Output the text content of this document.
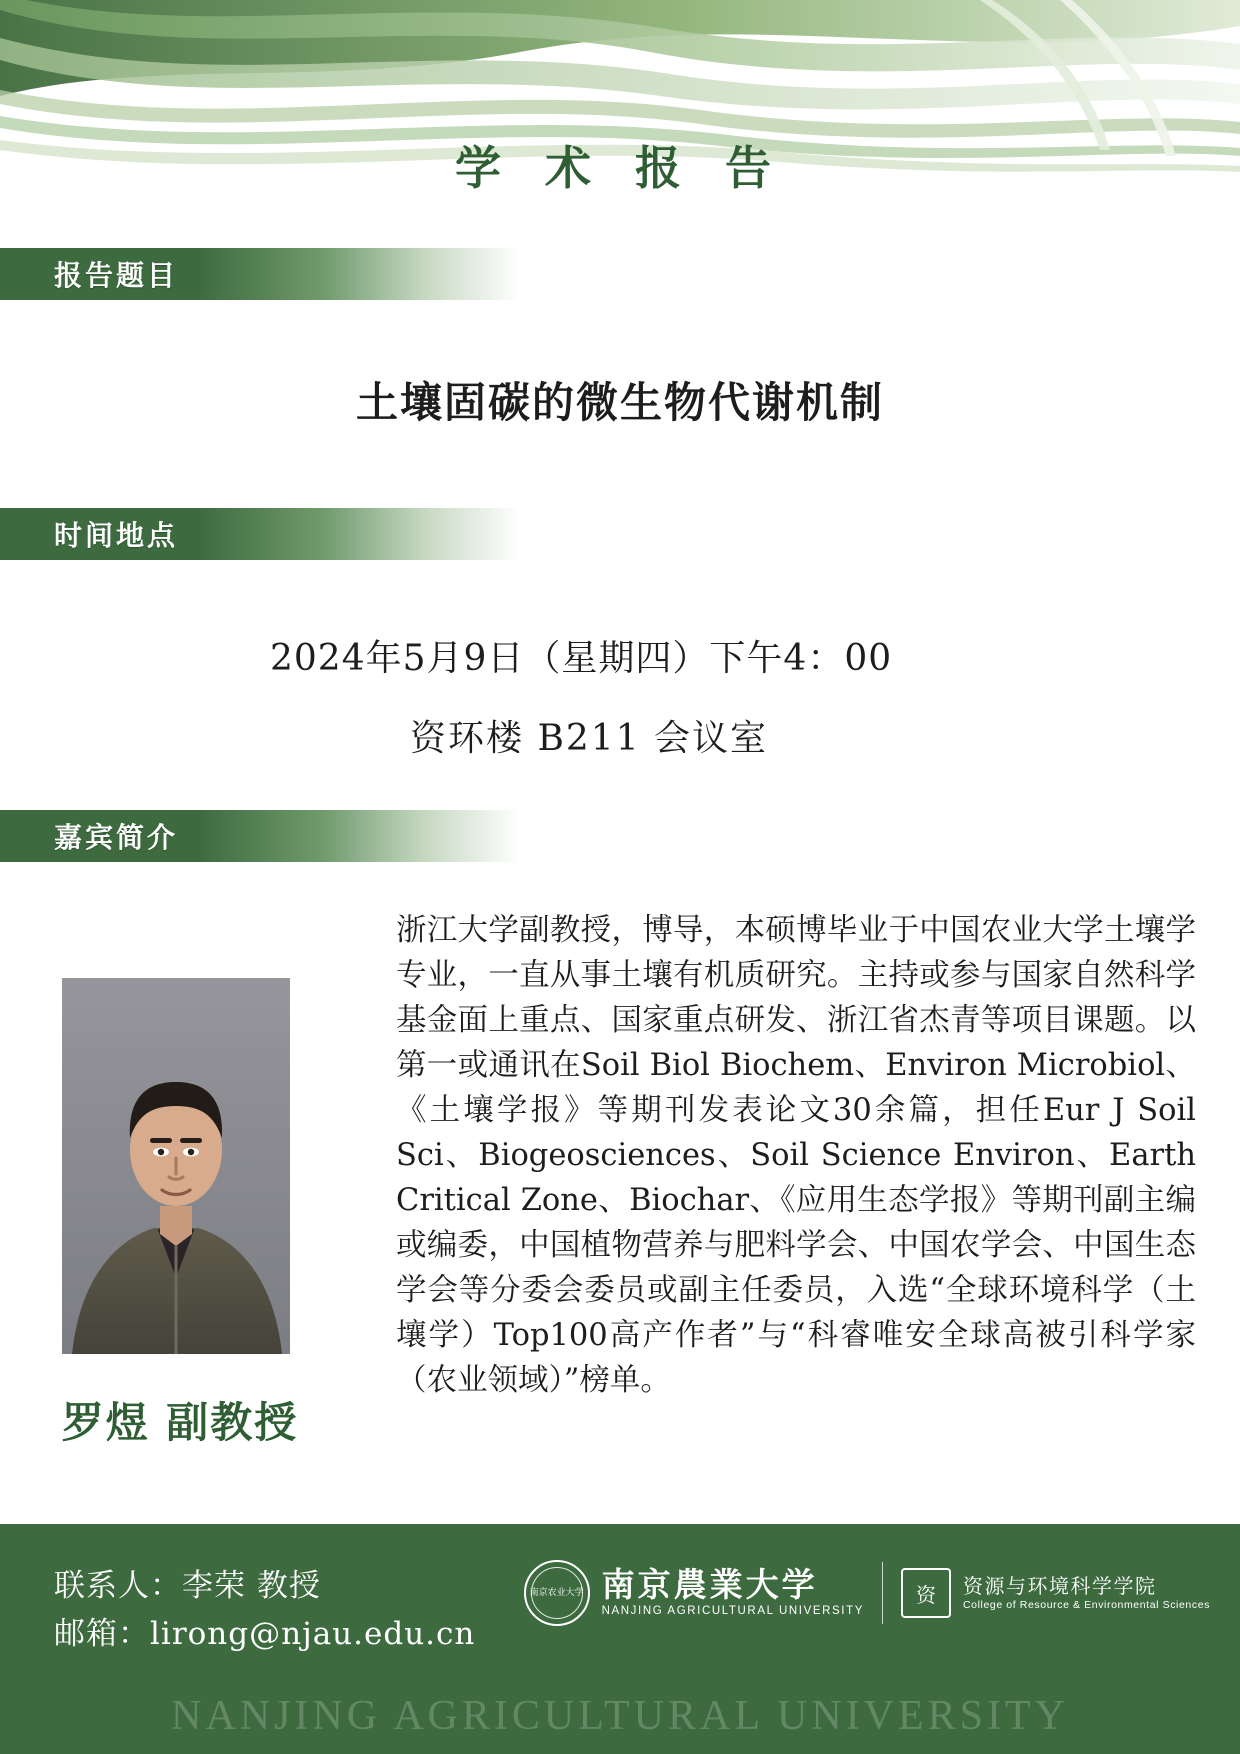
学 术 报 告
报告题目
土壤固碳的微生物代谢机制
时间地点
2024年5月9日（星期四）下午4：00
资环楼 B211 会议室
嘉宾简介
罗煜 副教授
浙江大学副教授，博导，本硕博毕业于中国农业大学土壤学专业，一直从事土壤有机质研究。主持或参与国家自然科学基金面上重点、国家重点研发、浙江省杰青等项目课题。以第一或通讯在Soil Biol Biochem、Environ Microbiol、《土壤学报》等期刊发表论文30余篇，担任Eur J Soil Sci、Biogeosciences、Soil Science Environ、Earth Critical Zone、Biochar、《应用生态学报》等期刊副主编或编委，中国植物营养与肥料学会、中国农学会、中国生态学会等分委会委员或副主任委员，入选“全球环境科学（土壤学）Top100高产作者”与“科睿唯安全球高被引科学家（农业领域）”榜单。
联系人：李荣 教授
邮箱：lirong@njau.edu.cn
南京农业大学 南京農業大学
NANJING AGRICULTURAL UNIVERSITY
资	资源与环境科学学院
College of Resource & Environmental Sciences
NANJING AGRICULTURAL UNIVERSITY
